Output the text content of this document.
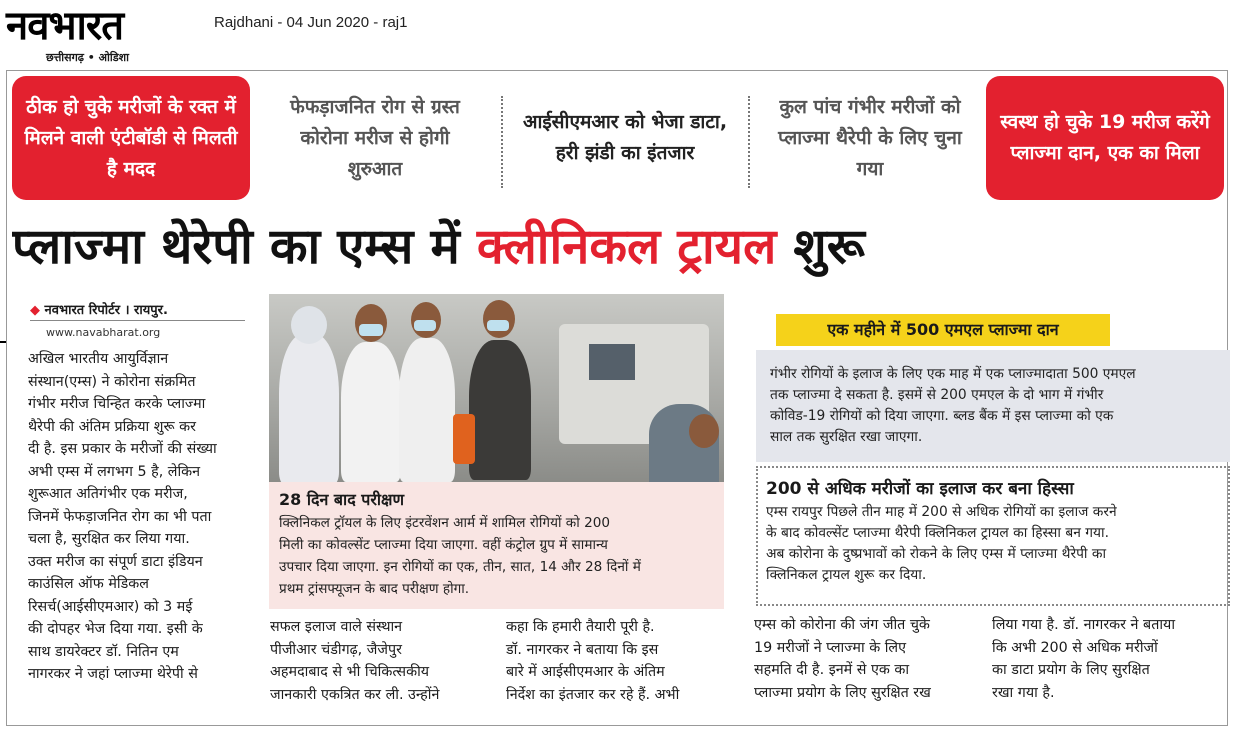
नवभारत
छत्तीसगढ़ • ओडिशा
Rajdhani - 04 Jun 2020 - raj1
ठीक हो चुके मरीजों के रक्त में मिलने वाली एंटीबॉडी से मिलती है मदद
फेफड़ाजनित रोग से ग्रस्त कोरोना मरीज से होगी शुरुआत
आईसीएमआर को भेजा डाटा, हरी झंडी का इंतजार
कुल पांच गंभीर मरीजों को प्लाज्मा थैरेपी के लिए चुना गया
स्वस्थ हो चुके 19 मरीज करेंगे प्लाज्मा दान, एक का मिला
प्लाज्मा थेरेपी का एम्स में क्लीनिकल ट्रायल शुरू
◆ नवभारत रिपोर्टर । रायपुर.
www.navabharat.org
अखिल भारतीय आयुर्विज्ञान
संस्थान(एम्स) ने कोरोना संक्रमित
गंभीर मरीज चिन्हित करके प्लाज्मा
थैरेपी की अंतिम प्रक्रिया शुरू कर
दी है. इस प्रकार के मरीजों की संख्या
अभी एम्स में लगभग 5 है, लेकिन
शुरूआत अतिगंभीर एक मरीज,
जिनमें फेफड़ाजनित रोग का भी पता
चला है, सुरक्षित कर लिया गया.
उक्त मरीज का संपूर्ण डाटा इंडियन
काउंसिल ऑफ मेडिकल
रिसर्च(आईसीएमआर) को 3 मई
की दोपहर भेज दिया गया. इसी के
साथ डायरेक्टर डॉ. नितिन एम
नागरकर ने जहां प्लाज्मा थेरेपी से
28 दिन बाद परीक्षण
क्लिनिकल ट्रॉयल के लिए इंटरवेंशन आर्म में शामिल रोगियों को 200
मिली का कोवल्सेंट प्लाज्मा दिया जाएगा. वहीं कंट्रोल ग्रुप में सामान्य
उपचार दिया जाएगा. इन रोगियों का एक, तीन, सात, 14 और 28 दिनों में
प्रथम ट्रांसफ्यूजन के बाद परीक्षण होगा.
सफल इलाज वाले संस्थान
पीजीआर चंडीगढ़, जैजेपुर
अहमदाबाद से भी चिकित्सकीय
जानकारी एकत्रित कर ली. उन्होंने
कहा कि हमारी तैयारी पूरी है.
डॉ. नागरकर ने बताया कि इस
बारे में आईसीएमआर के अंतिम
निर्देश का इंतजार कर रहे हैं. अभी
एक महीने में 500 एमएल प्लाज्मा दान
गंभीर रोगियों के इलाज के लिए एक माह में एक प्लाज्मादाता 500 एमएल
तक प्लाज्मा दे सकता है. इसमें से 200 एमएल के दो भाग में गंभीर
कोविड-19 रोगियों को दिया जाएगा. ब्लड बैंक में इस प्लाज्मा को एक
साल तक सुरक्षित रखा जाएगा.
200 से अधिक मरीजों का इलाज कर बना हिस्सा
एम्स रायपुर पिछले तीन माह में 200 से अधिक रोगियों का इलाज करने
के बाद कोवल्सेंट प्लाज्मा थैरेपी क्लिनिकल ट्रायल का हिस्सा बन गया.
अब कोरोना के दुष्प्रभावों को रोकने के लिए एम्स में प्लाज्मा थैरेपी का
क्लिनिकल ट्रायल शुरू कर दिया.
एम्स को कोरोना की जंग जीत चुके
19 मरीजों ने प्लाज्मा के लिए
सहमति दी है. इनमें से एक का
प्लाज्मा प्रयोग के लिए सुरक्षित रख
लिया गया है. डॉ. नागरकर ने बताया
कि अभी 200 से अधिक मरीजों
का डाटा प्रयोग के लिए सुरक्षित
रखा गया है.
